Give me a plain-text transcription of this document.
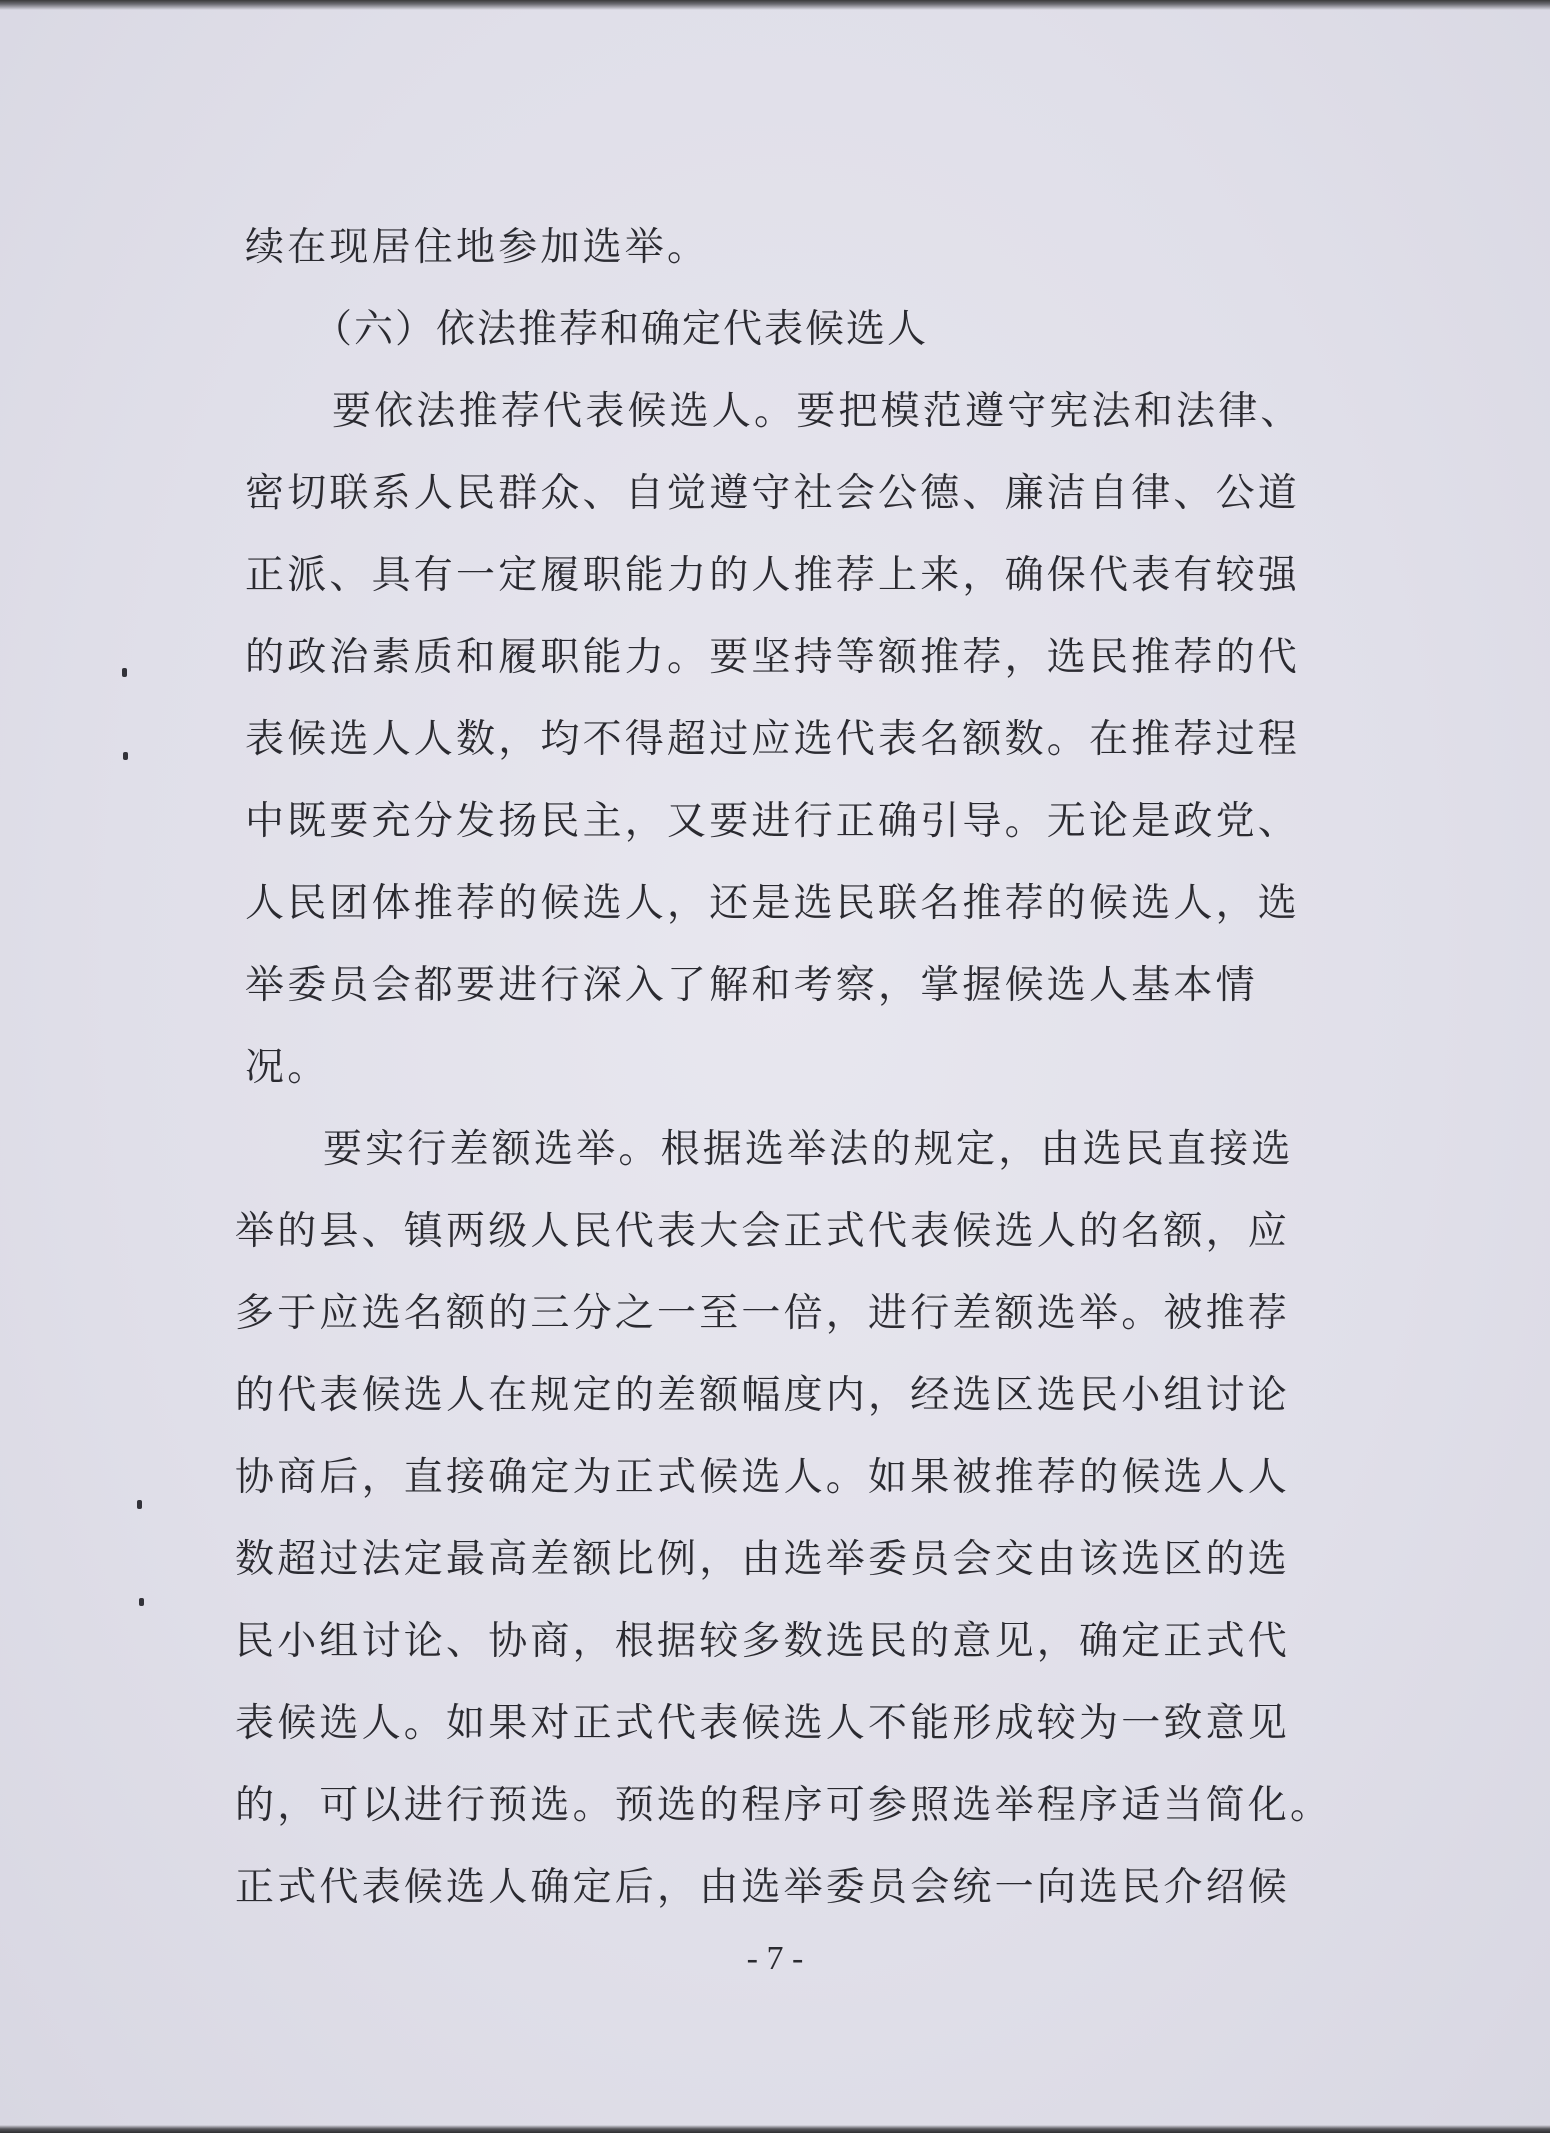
续在现居住地参加选举。
（六）依法推荐和确定代表候选人
要依法推荐代表候选人。要把模范遵守宪法和法律、
密切联系人民群众、自觉遵守社会公德、廉洁自律、公道
正派、具有一定履职能力的人推荐上来，确保代表有较强
的政治素质和履职能力。要坚持等额推荐，选民推荐的代
表候选人人数，均不得超过应选代表名额数。在推荐过程
中既要充分发扬民主，又要进行正确引导。无论是政党、
人民团体推荐的候选人，还是选民联名推荐的候选人，选
举委员会都要进行深入了解和考察，掌握候选人基本情
况。
要实行差额选举。根据选举法的规定，由选民直接选
举的县、镇两级人民代表大会正式代表候选人的名额，应
多于应选名额的三分之一至一倍，进行差额选举。被推荐
的代表候选人在规定的差额幅度内，经选区选民小组讨论
协商后，直接确定为正式候选人。如果被推荐的候选人人
数超过法定最高差额比例，由选举委员会交由该选区的选
民小组讨论、协商，根据较多数选民的意见，确定正式代
表候选人。如果对正式代表候选人不能形成较为一致意见
的，可以进行预选。预选的程序可参照选举程序适当简化。
正式代表候选人确定后，由选举委员会统一向选民介绍候
- 7 -
